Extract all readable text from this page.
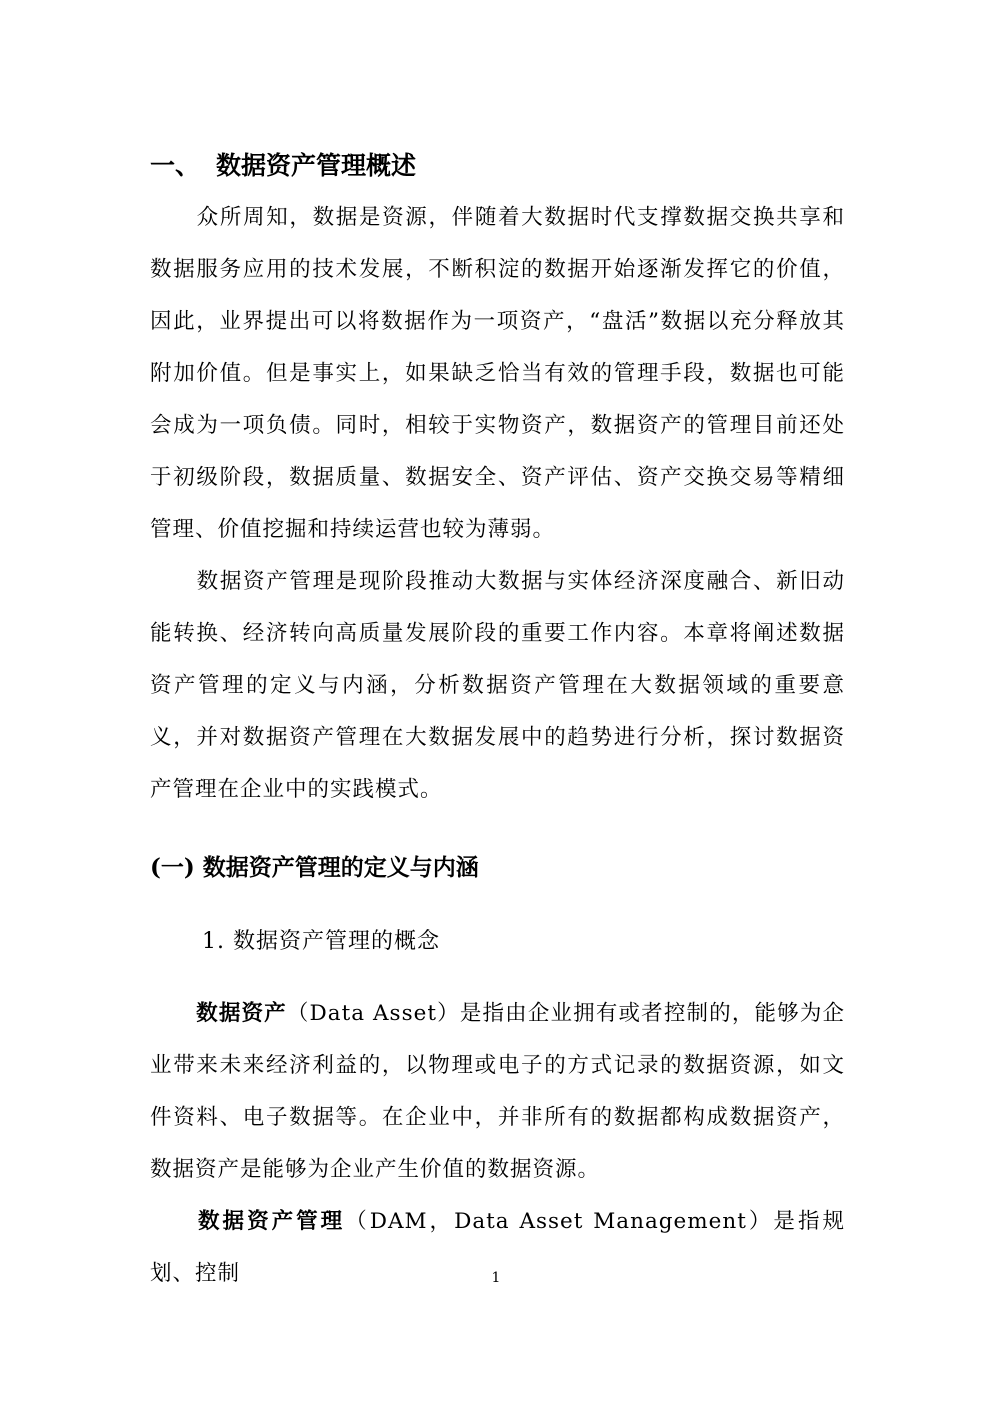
一、 数据资产管理概述
众所周知，数据是资源，伴随着大数据时代支撑数据交换共享和数据服务应用的技术发展，不断积淀的数据开始逐渐发挥它的价值，因此，业界提出可以将数据作为一项资产，“盘活”数据以充分释放其附加价值。但是事实上，如果缺乏恰当有效的管理手段，数据也可能会成为一项负债。同时，相较于实物资产，数据资产的管理目前还处于初级阶段，数据质量、数据安全、资产评估、资产交换交易等精细管理、价值挖掘和持续运营也较为薄弱。
数据资产管理是现阶段推动大数据与实体经济深度融合、新旧动能转换、经济转向高质量发展阶段的重要工作内容。本章将阐述数据资产管理的定义与内涵，分析数据资产管理在大数据领域的重要意义，并对数据资产管理在大数据发展中的趋势进行分析，探讨数据资产管理在企业中的实践模式。
(一) 数据资产管理的定义与内涵
1. 数据资产管理的概念
数据资产（Data Asset）是指由企业拥有或者控制的，能够为企业带来未来经济利益的，以物理或电子的方式记录的数据资源，如文件资料、电子数据等。在企业中，并非所有的数据都构成数据资产，数据资产是能够为企业产生价值的数据资源。
数据资产管理（DAM，Data Asset Management）是指规划、控制	1
